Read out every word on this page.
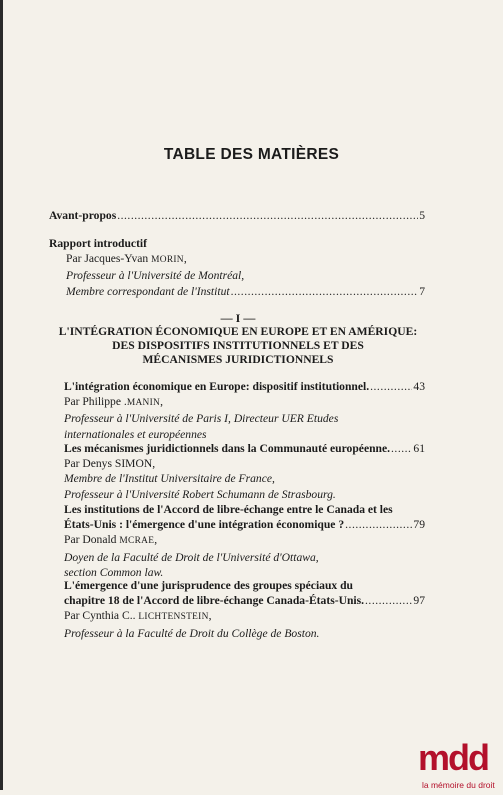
TABLE DES MATIÈRES
Avant-propos .....	5
Rapport introductif
Par Jacques-Yvan MORIN,
Professeur à l'Université de Montréal,
Membre correspondant de l'Institut .....	7
— I —
L'INTÉGRATION ÉCONOMIQUE EN EUROPE ET EN AMÉRIQUE:
DES DISPOSITIFS INSTITUTIONNELS ET DES
MÉCANISMES JURIDICTIONNELS
L'intégration économique en Europe: dispositif institutionnel. .....	43
Par Philippe .MANIN,
Professeur à l'Université de Paris I, Directeur UER Etudes
internationales et européennes
Les mécanismes juridictionnels dans la Communauté européenne. ..... 61
Par Denys SIMON,
Membre de l'Institut Universitaire de France,
Professeur à l'Université Robert Schumann de Strasbourg.
Les institutions de l'Accord de libre-échange entre le Canada et les
États-Unis : l'émergence d'une intégration économique ? .....	79
Par Donald MCRAE,
Doyen de la Faculté de Droit de l'Université d'Ottawa,
section Common law.
L'émergence d'une jurisprudence des groupes spéciaux du
chapitre 18 de l'Accord de libre-échange Canada-États-Unis. .....	97
Par Cynthia C.. LICHTENSTEIN,
Professeur à la Faculté de Droit du Collège de Boston.
mdd
la mémoire du droit
